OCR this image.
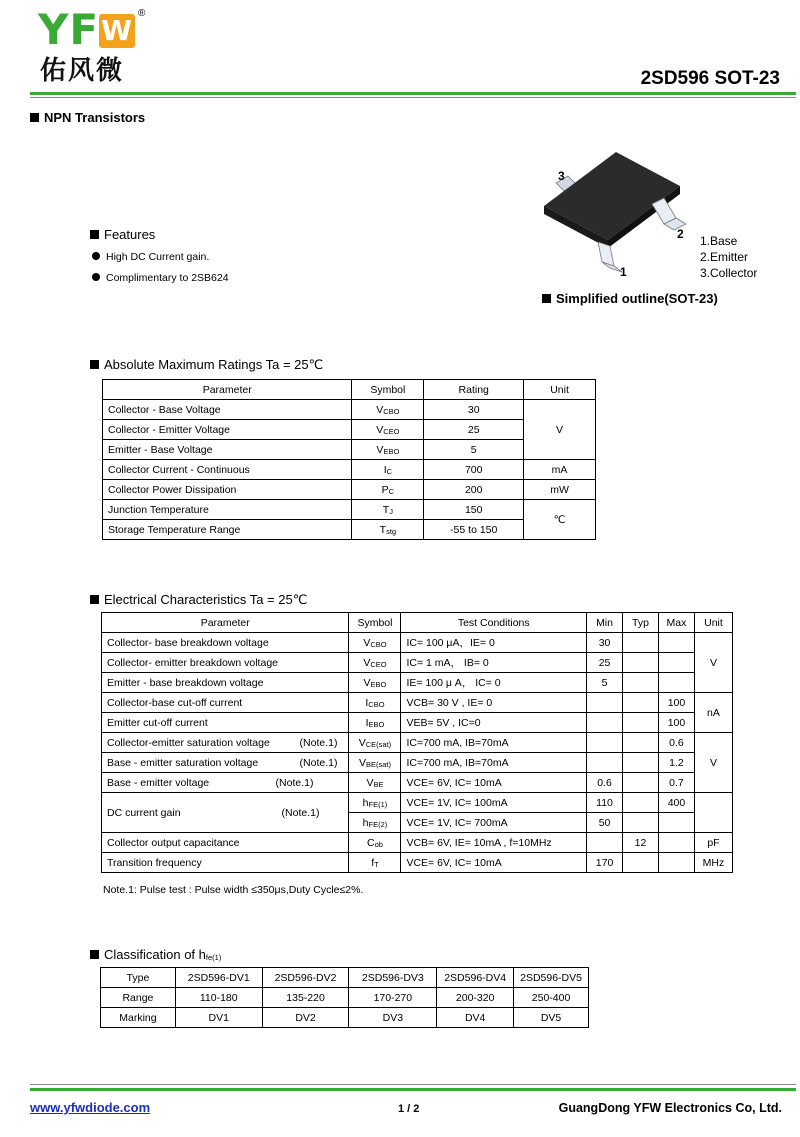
YFW
®
佑风微	2SD596 SOT-23
NPN Transistors
Features
High DC Current gain.
Complimentary to 2SB624
3
2
1
1.Base
2.Emitter
3.Collector
Simplified outline(SOT-23)
Absolute Maximum Ratings Ta = 25℃
Parameter	Symbol	Rating	Unit
Collector - Base Voltage	$V_{CBO}$	30	V
Collector - Emitter Voltage	$V_{CEO}$	25	
Emitter - Base Voltage	$V_{EBO}$	5	
Collector Current - Continuous	$I_C$	700	mA
Collector Power Dissipation	$P_C$	200	mW
Junction Temperature	$T_J$	150	℃
Storage Temperature Range	$T_{stg}$	-55 to 150	
Electrical Characteristics Ta = 25℃
Parameter	Symbol	Test Conditions	Min	Typ	Max	Unit
Collector- base breakdown voltage	$V_{CBO}$	IC= 100 μA，IE= 0	30			V
Collector- emitter breakdown voltage	$V_{CEO}$	IC= 1 mA， IB= 0	25			
Emitter - base breakdown voltage	$V_{EBO}$	IE= 100 μ A， IC= 0	5			
Collector-base cut-off current	$I_{CBO}$	VCB= 30 V , IE= 0			100	nA
Emitter cut-off current	$I_{EBO}$	VEB= 5V , IC=0			100	
Collector-emitter saturation voltage (Note.1)	$V_{CE(sat)}$	IC=700 mA, IB=70mA			0.6	V
Base - emitter saturation voltage (Note.1)	$V_{BE(sat)}$	IC=700 mA, IB=70mA			1.2	
Base - emitter voltage (Note.1)	$V_{BE}$	VCE= 6V, IC= 10mA	0.6		0.7	
DC current gain (Note.1)	$h_{FE(1)}$	VCE= 1V, IC= 100mA	110		400	
	$h_{FE(2)}$	VCE= 1V, IC= 700mA	50			
Collector output capacitance	$C_{ob}$	VCB= 6V, IE= 10mA , f=10MHz		12		pF
Transition frequency	$f_T$	VCE= 6V, IC= 10mA	170			MHz
Note.1: Pulse test : Pulse width ≤350μs,Duty Cycle≤2%.
Classification of $h_{fe(1)}$
Type	2SD596-DV1	2SD596-DV2	2SD596-DV3	2SD596-DV4	2SD596-DV5
Range	110-180	135-220	170-270	200-320	250-400
Marking	DV1	DV2	DV3	DV4	DV5
www.yfwdiode.com	1 / 2	GuangDong YFW Electronics Co, Ltd.
